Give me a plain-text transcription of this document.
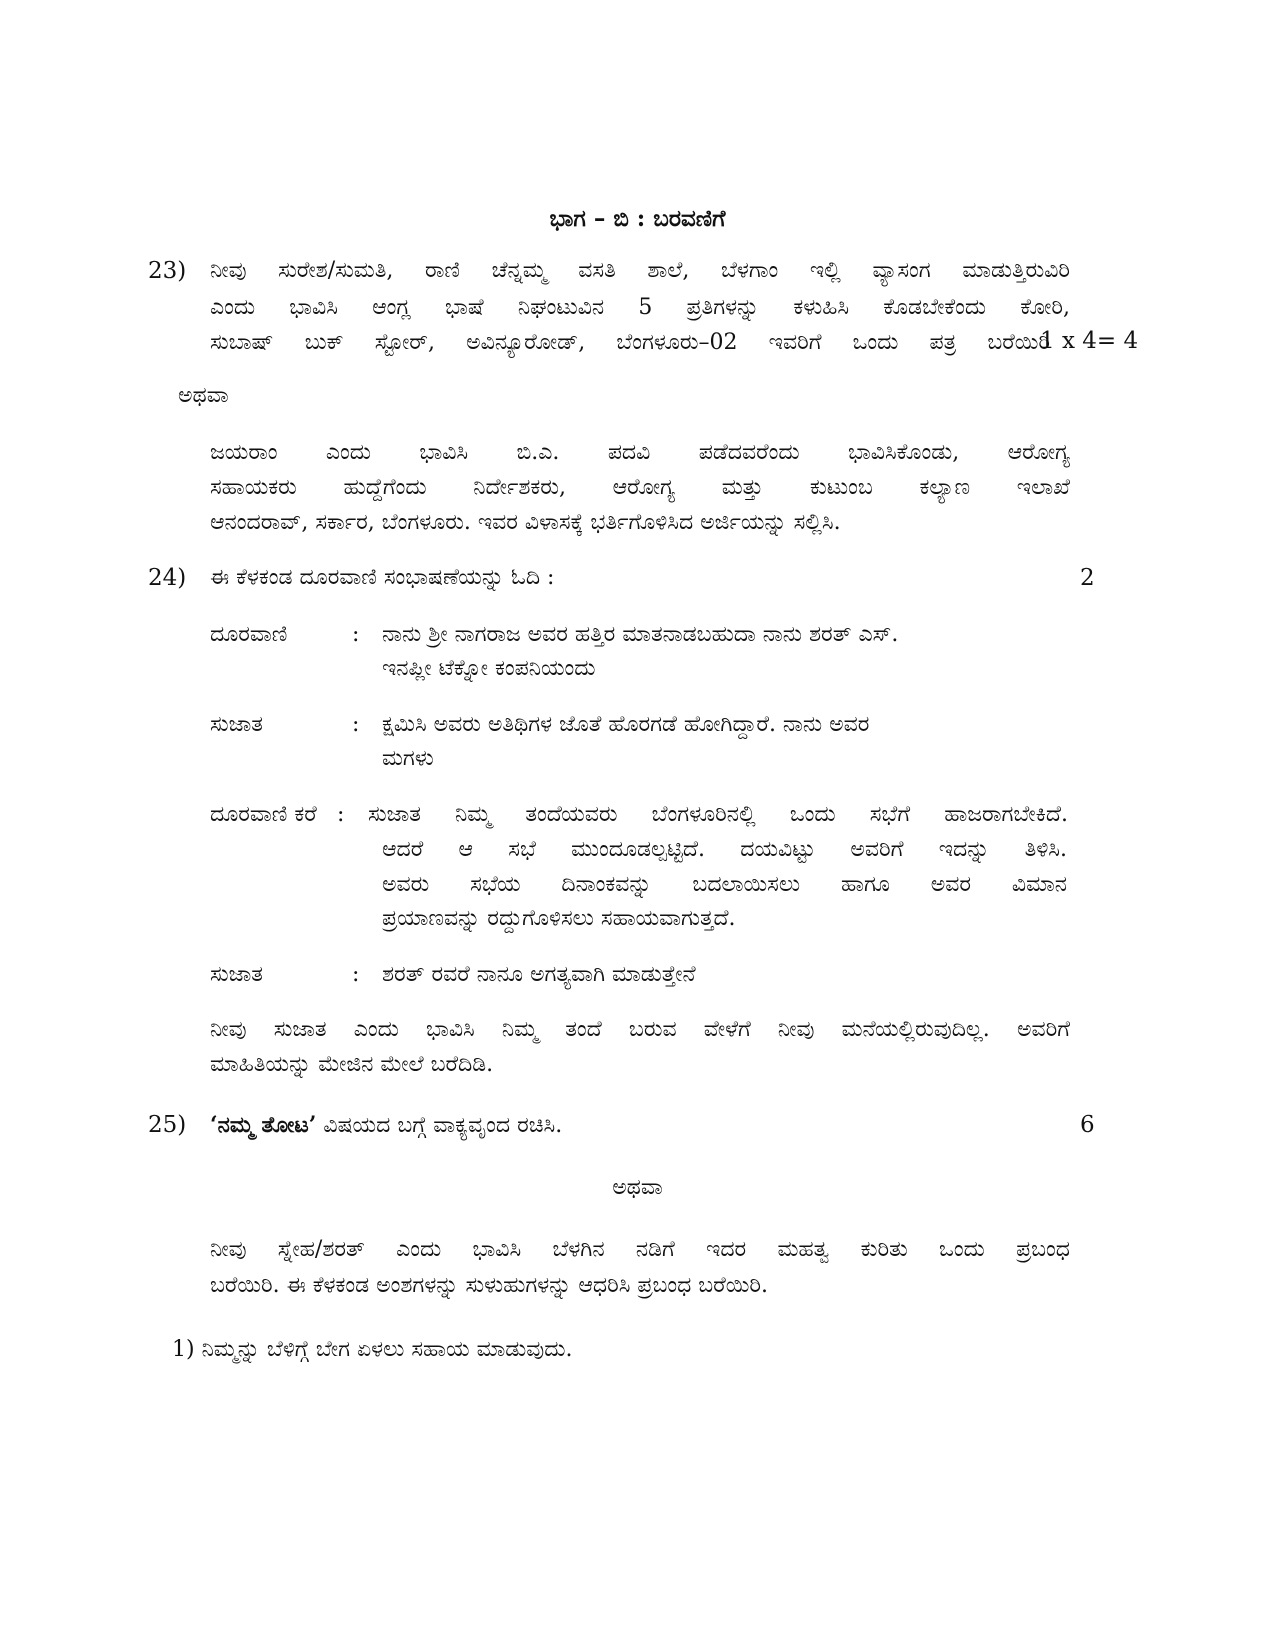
ಭಾಗ – ಬಿ : ಬರವಣಿಗೆ
23) ನೀವು ಸುರೇಶ/ಸುಮತಿ, ರಾಣಿ ಚೆನ್ನಮ್ಮ ವಸತಿ ಶಾಲೆ, ಬೆಳಗಾಂ ಇಲ್ಲಿ ವ್ಯಾಸಂಗ ಮಾಡುತ್ತಿರುವಿರಿ
ಎಂದು ಭಾವಿಸಿ ಆಂಗ್ಲ ಭಾಷೆ ನಿಘಂಟುವಿನ 5 ಪ್ರತಿಗಳನ್ನು ಕಳುಹಿಸಿ ಕೊಡಬೇಕೆಂದು ಕೋರಿ,
ಸುಬಾಷ್ ಬುಕ್ ಸ್ಟೋರ್, ಅವಿನ್ಯೂರೋಡ್, ಬೆಂಗಳೂರು–02 ಇವರಿಗೆ ಒಂದು ಪತ್ರ ಬರೆಯಿರಿ
1 x 4= 4
ಅಥವಾ
ಜಯರಾಂ ಎಂದು ಭಾವಿಸಿ ಬಿ.ಎ. ಪದವಿ ಪಡೆದವರೆಂದು ಭಾವಿಸಿಕೊಂಡು, ಆರೋಗ್ಯ
ಸಹಾಯಕರು ಹುದ್ದೆಗೆಂದು ನಿರ್ದೇಶಕರು, ಆರೋಗ್ಯ ಮತ್ತು ಕುಟುಂಬ ಕಲ್ಯಾಣ ಇಲಾಖೆ
ಆನಂದರಾವ್, ಸರ್ಕಾರ, ಬೆಂಗಳೂರು. ಇವರ ವಿಳಾಸಕ್ಕೆ ಭರ್ತಿಗೊಳಿಸಿದ ಅರ್ಜಿಯನ್ನು ಸಲ್ಲಿಸಿ.
24) ಈ ಕೆಳಕಂಡ ದೂರವಾಣಿ ಸಂಭಾಷಣೆಯನ್ನು ಓದಿ :	2
ದೂರವಾಣಿ	: ನಾನು ಶ್ರೀ ನಾಗರಾಜ ಅವರ ಹತ್ತಿರ ಮಾತನಾಡಬಹುದಾ ನಾನು ಶರತ್ ಎಸ್.
ಇನಪ್ಲೀ ಟೆಕ್ನೋ ಕಂಪನಿಯಂದು
ಸುಜಾತ	: ಕ್ಷಮಿಸಿ ಅವರು ಅತಿಥಿಗಳ ಜೊತೆ ಹೊರಗಡೆ ಹೋಗಿದ್ದಾರೆ. ನಾನು ಅವರ
ಮಗಳು
ದೂರವಾಣಿ ಕರೆ : ಸುಜಾತ ನಿಮ್ಮ ತಂದೆಯವರು ಬೆಂಗಳೂರಿನಲ್ಲಿ ಒಂದು ಸಭೆಗೆ ಹಾಜರಾಗಬೇಕಿದೆ.
ಆದರೆ ಆ ಸಭೆ ಮುಂದೂಡಲ್ಪಟ್ಟಿದೆ. ದಯವಿಟ್ಟು ಅವರಿಗೆ ಇದನ್ನು ತಿಳಿಸಿ.
ಅವರು ಸಭೆಯ ದಿನಾಂಕವನ್ನು ಬದಲಾಯಿಸಲು ಹಾಗೂ ಅವರ ವಿಮಾನ
ಪ್ರಯಾಣವನ್ನು ರದ್ದುಗೊಳಿಸಲು ಸಹಾಯವಾಗುತ್ತದೆ.
ಸುಜಾತ	: ಶರತ್ ರವರೆ ನಾನೂ ಅಗತ್ಯವಾಗಿ ಮಾಡುತ್ತೇನೆ
ನೀವು ಸುಜಾತ ಎಂದು ಭಾವಿಸಿ ನಿಮ್ಮ ತಂದೆ ಬರುವ ವೇಳೆಗೆ ನೀವು ಮನೆಯಲ್ಲಿರುವುದಿಲ್ಲ. ಅವರಿಗೆ
ಮಾಹಿತಿಯನ್ನು ಮೇಜಿನ ಮೇಲೆ ಬರೆದಿಡಿ.
25) ‘ನಮ್ಮ ತೋಟ’ ವಿಷಯದ ಬಗ್ಗೆ ವಾಕ್ಯವೃಂದ ರಚಿಸಿ.	6
ಅಥವಾ
ನೀವು ಸ್ನೇಹ/ಶರತ್ ಎಂದು ಭಾವಿಸಿ ಬೆಳಗಿನ ನಡಿಗೆ ಇದರ ಮಹತ್ವ ಕುರಿತು ಒಂದು ಪ್ರಬಂಧ
ಬರೆಯಿರಿ. ಈ ಕೆಳಕಂಡ ಅಂಶಗಳನ್ನು ಸುಳುಹುಗಳನ್ನು ಆಧರಿಸಿ ಪ್ರಬಂಧ ಬರೆಯಿರಿ.
1) ನಿಮ್ಮನ್ನು ಬೆಳಿಗ್ಗೆ ಬೇಗ ಏಳಲು ಸಹಾಯ ಮಾಡುವುದು.
